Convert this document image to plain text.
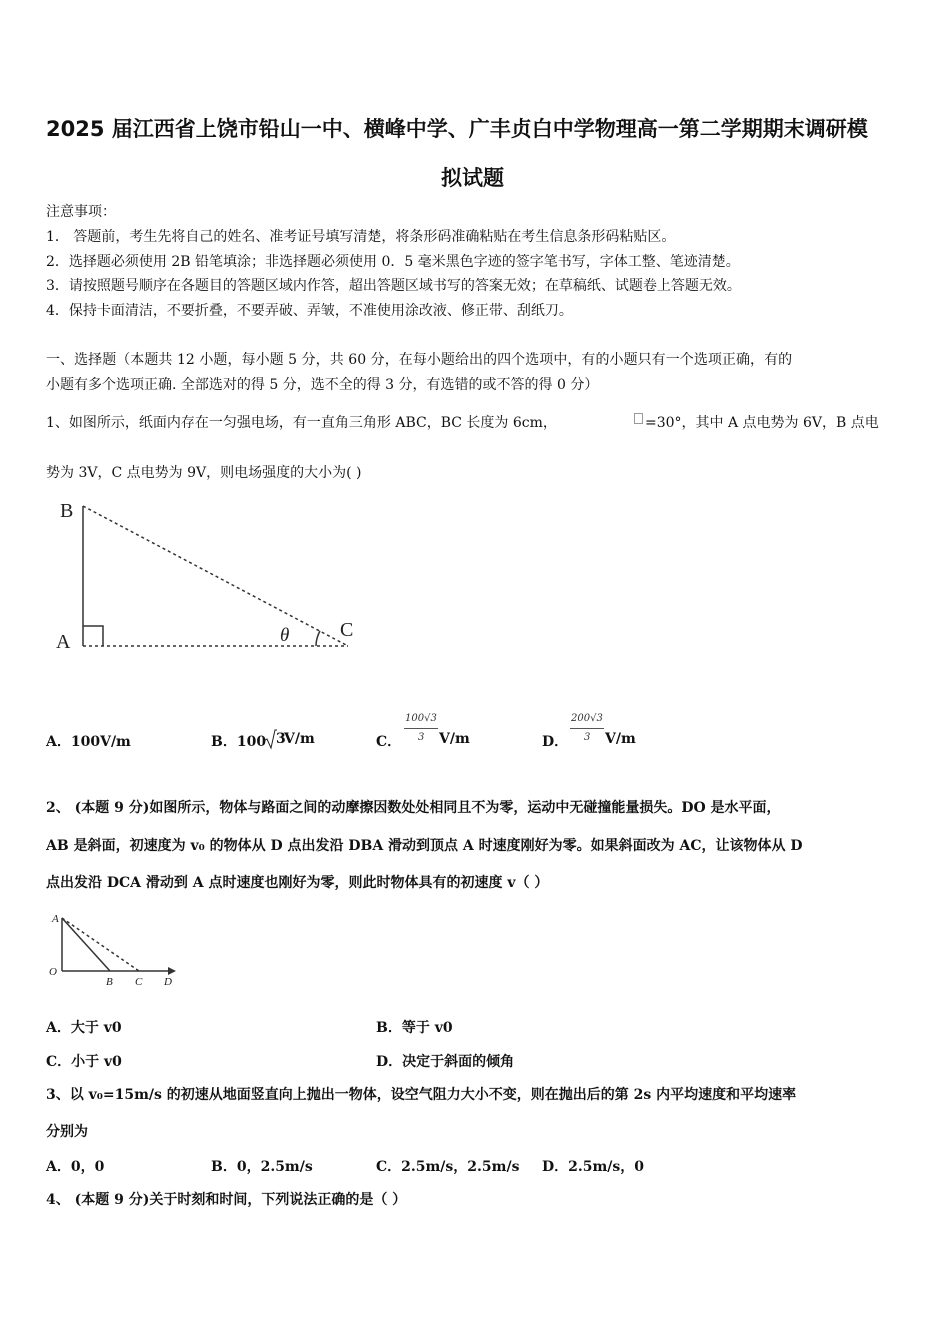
2025 届江西省上饶市铅山一中、横峰中学、广丰贞白中学物理高一第二学期期末调研模
拟试题
注意事项：
1． 答题前，考生先将自己的姓名、准考证号填写清楚，将条形码准确粘贴在考生信息条形码粘贴区。
2．选择题必须使用 2B 铅笔填涂；非选择题必须使用 0．5 毫米黑色字迹的签字笔书写，字体工整、笔迹清楚。
3．请按照题号顺序在各题目的答题区域内作答，超出答题区域书写的答案无效；在草稿纸、试题卷上答题无效。
4．保持卡面清洁，不要折叠，不要弄破、弄皱，不准使用涂改液、修正带、刮纸刀。
一、选择题（本题共 12 小题，每小题 5 分，共 60 分，在每小题给出的四个选项中，有的小题只有一个选项正确，有的
小题有多个选项正确. 全部选对的得 5 分，选不全的得 3 分，有选错的或不答的得 0 分）
1、如图所示，纸面内存在一匀强电场，有一直角三角形 ABC，BC 长度为 6cm，	=30°，其中 A 点电势为 6V，B 点电
势为 3V，C 点电势为 9V，则电场强度的大小为( )
B
A
C
θ
A．100V/m	B．100 3
V/m	C．
100√3
3 V/m	D．
200√3
3 V/m
2、 (本题 9 分)如图所示，物体与路面之间的动摩擦因数处处相同且不为零，运动中无碰撞能量损失。DO 是水平面，
AB 是斜面，初速度为 v₀ 的物体从 D 点出发沿 DBA 滑动到顶点 A 时速度刚好为零。如果斜面改为 AC，让该物体从 D
点出发沿 DCA 滑动到 A 点时速度也刚好为零，则此时物体具有的初速度 v（ ）
A
O
B C D
A．大于 v0	B．等于 v0
C．小于 v0	D．决定于斜面的倾角
3、以 v₀=15m/s 的初速从地面竖直向上抛出一物体，设空气阻力大小不变，则在抛出后的第 2s 内平均速度和平均速率
分别为
A．0，0	B．0，2.5m/s	C．2.5m/s，2.5m/s D．2.5m/s，0
4、 (本题 9 分)关于时刻和时间，下列说法正确的是（ ）
